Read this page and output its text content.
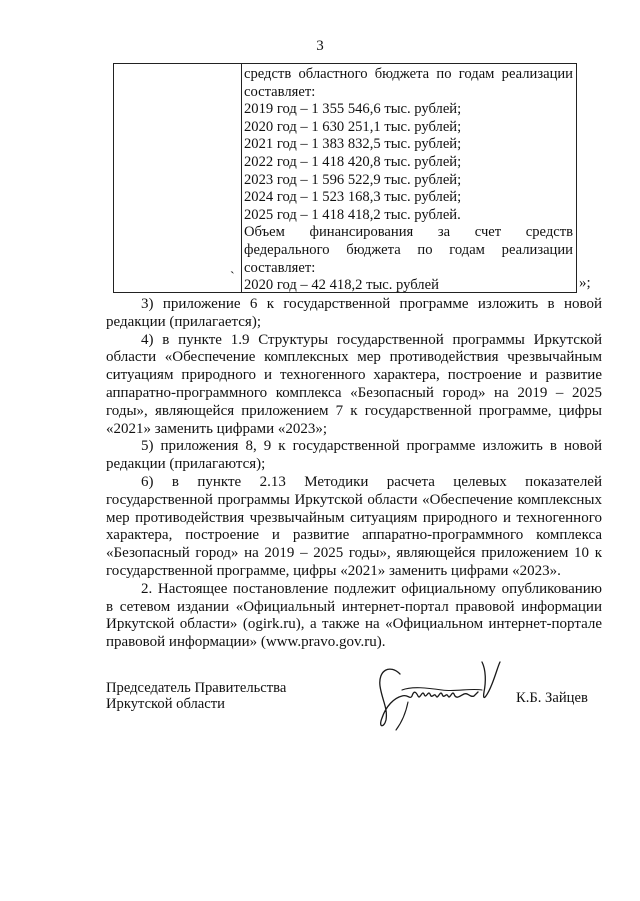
3
средств областного бюджета по годам реализации
составляет:
2019 год – 1 355 546,6 тыс. рублей;
2020 год – 1 630 251,1 тыс. рублей;
2021 год – 1 383 832,5 тыс. рублей;
2022 год – 1 418 420,8 тыс. рублей;
2023 год – 1 596 522,9 тыс. рублей;
2024 год – 1 523 168,3 тыс. рублей;
2025 год – 1 418 418,2 тыс. рублей.
Объем финансирования за счет средств
федерального бюджета по годам реализации
составляет:
2020 год – 42 418,2 тыс. рублей
`	»;

3) приложение 6 к государственной программе изложить в новой редакции (прилагается);

4) в пункте 1.9 Структуры государственной программы Иркутской области «Обеспечение комплексных мер противодействия чрезвычайным ситуациям природного и техногенного характера, построение и развитие аппаратно-программного комплекса «Безопасный город» на 2019 – 2025 годы», являющейся приложением 7 к государственной программе, цифры «2021» заменить цифрами «2023»;

5) приложения 8, 9 к государственной программе изложить в новой редакции (прилагаются);

6) в пункте 2.13 Методики расчета целевых показателей государственной программы Иркутской области «Обеспечение комплексных мер противодействия чрезвычайным ситуациям природного и техногенного характера, построение и развитие аппаратно-программного комплекса «Безопасный город» на 2019 – 2025 годы», являющейся приложением 10 к государственной программе, цифры «2021» заменить цифрами «2023».

2. Настоящее постановление подлежит официальному опубликованию в сетевом издании «Официальный интернет-портал правовой информации Иркутской области» (ogirk.ru), а также на «Официальном интернет-портале правовой информации» (www.pravo.gov.ru).

Председатель Правительства
Иркутской области	К.Б. Зайцев
